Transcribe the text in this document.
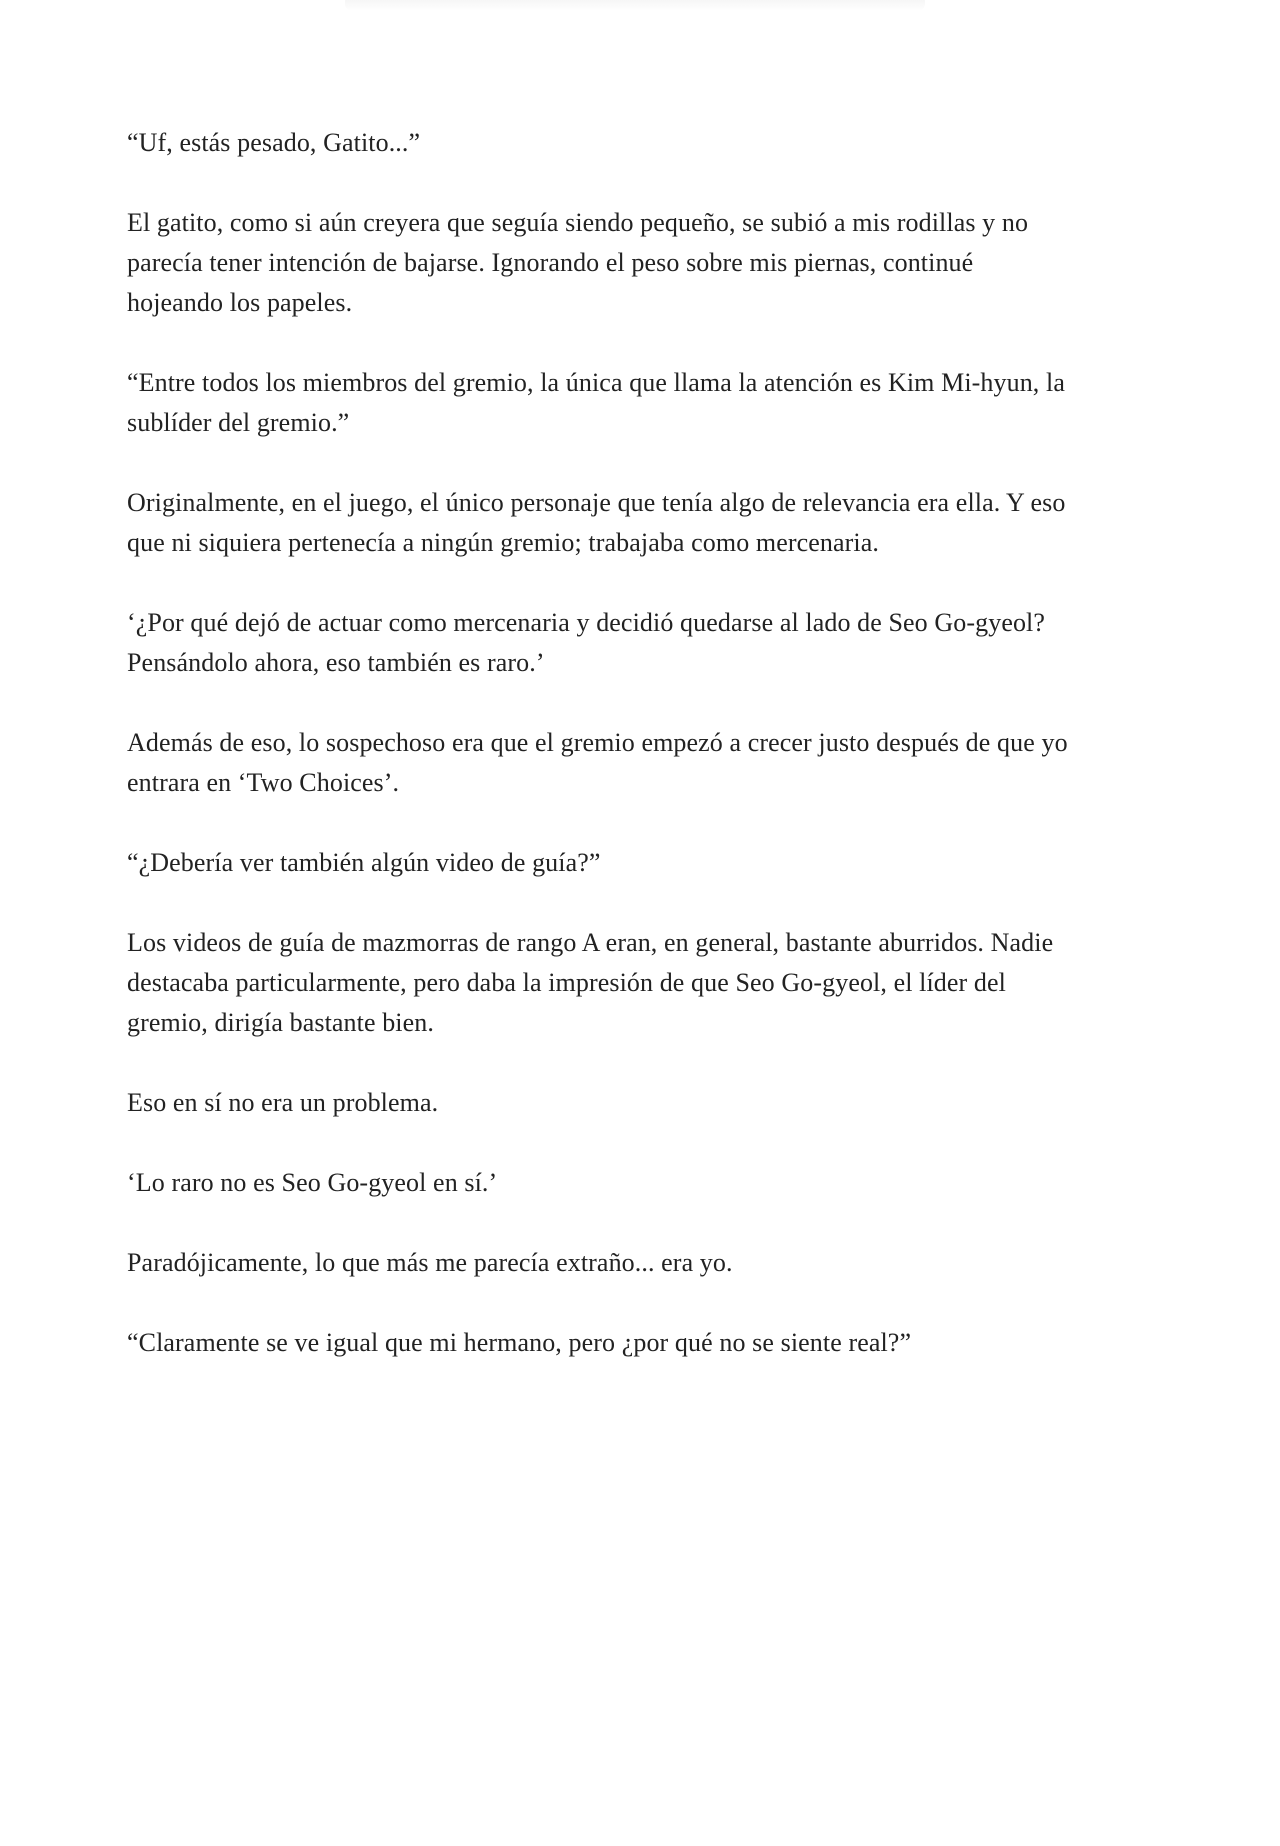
“Uf, estás pesado, Gatito...”

El gatito, como si aún creyera que seguía siendo pequeño, se subió a mis rodillas y no
parecía tener intención de bajarse. Ignorando el peso sobre mis piernas, continué
hojeando los papeles.

“Entre todos los miembros del gremio, la única que llama la atención es Kim Mi-hyun, la
sublíder del gremio.”

Originalmente, en el juego, el único personaje que tenía algo de relevancia era ella. Y eso
que ni siquiera pertenecía a ningún gremio; trabajaba como mercenaria.

‘¿Por qué dejó de actuar como mercenaria y decidió quedarse al lado de Seo Go-gyeol?
Pensándolo ahora, eso también es raro.’

Además de eso, lo sospechoso era que el gremio empezó a crecer justo después de que yo
entrara en ‘Two Choices’.

“¿Debería ver también algún video de guía?”

Los videos de guía de mazmorras de rango A eran, en general, bastante aburridos. Nadie
destacaba particularmente, pero daba la impresión de que Seo Go-gyeol, el líder del
gremio, dirigía bastante bien.

Eso en sí no era un problema.

‘Lo raro no es Seo Go-gyeol en sí.’

Paradójicamente, lo que más me parecía extraño... era yo.

“Claramente se ve igual que mi hermano, pero ¿por qué no se siente real?”
